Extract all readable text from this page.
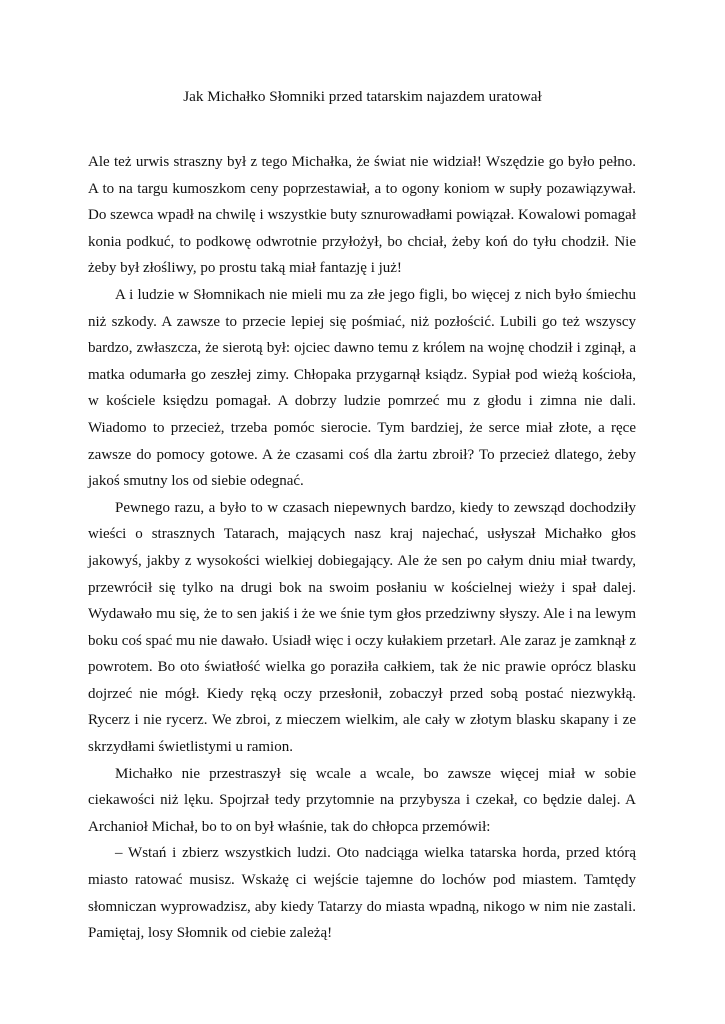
Jak Michałko Słomniki przed tatarskim najazdem uratował

Ale też urwis straszny był z tego Michałka, że świat nie widział! Wszędzie go było pełno. A to na targu kumoszkom ceny poprzestawiał, a to ogony koniom w supły pozawiązywał. Do szewca wpadł na chwilę i wszystkie buty sznurowadłami powiązał. Kowalowi pomagał konia podkuć, to podkowę odwrotnie przyłożył, bo chciał, żeby koń do tyłu chodził. Nie żeby był złośliwy, po prostu taką miał fantazję i już!

A i ludzie w Słomnikach nie mieli mu za złe jego figli, bo więcej z nich było śmiechu niż szkody. A zawsze to przecie lepiej się pośmiać, niż pozłościć. Lubili go też wszyscy bardzo, zwłaszcza, że sierotą był: ojciec dawno temu z królem na wojnę chodził i zginął, a matka odumarła go zeszłej zimy. Chłopaka przygarnął ksiądz. Sypiał pod wieżą kościoła, w kościele księdzu pomagał. A dobrzy ludzie pomrzeć mu z głodu i zimna nie dali. Wiadomo to przecież, trzeba pomóc sierocie. Tym bardziej, że serce miał złote, a ręce zawsze do pomocy gotowe. A że czasami coś dla żartu zbroił? To przecież dlatego, żeby jakoś smutny los od siebie odegnać.

Pewnego razu, a było to w czasach niepewnych bardzo, kiedy to zewsząd dochodziły wieści o strasznych Tatarach, mających nasz kraj najechać, usłyszał Michałko głos jakowyś, jakby z wysokości wielkiej dobiegający. Ale że sen po całym dniu miał twardy, przewrócił się tylko na drugi bok na swoim posłaniu w kościelnej wieży i spał dalej. Wydawało mu się, że to sen jakiś i że we śnie tym głos przedziwny słyszy. Ale i na lewym boku coś spać mu nie dawało. Usiadł więc i oczy kułakiem przetarł. Ale zaraz je zamknął z powrotem. Bo oto światłość wielka go poraziła całkiem, tak że nic prawie oprócz blasku dojrzeć nie mógł. Kiedy ręką oczy przesłonił, zobaczył przed sobą postać niezwykłą. Rycerz i nie rycerz. We zbroi, z mieczem wielkim, ale cały w złotym blasku skapany i ze skrzydłami świetlistymi u ramion.

Michałko nie przestraszył się wcale a wcale, bo zawsze więcej miał w sobie ciekawości niż lęku. Spojrzał tedy przytomnie na przybysza i czekał, co będzie dalej. A Archanioł Michał, bo to on był właśnie, tak do chłopca przemówił:

– Wstań i zbierz wszystkich ludzi. Oto nadciąga wielka tatarska horda, przed którą miasto ratować musisz. Wskażę ci wejście tajemne do lochów pod miastem. Tamtędy słomniczan wyprowadzisz, aby kiedy Tatarzy do miasta wpadną, nikogo w nim nie zastali. Pamiętaj, losy Słomnik od ciebie zależą!
